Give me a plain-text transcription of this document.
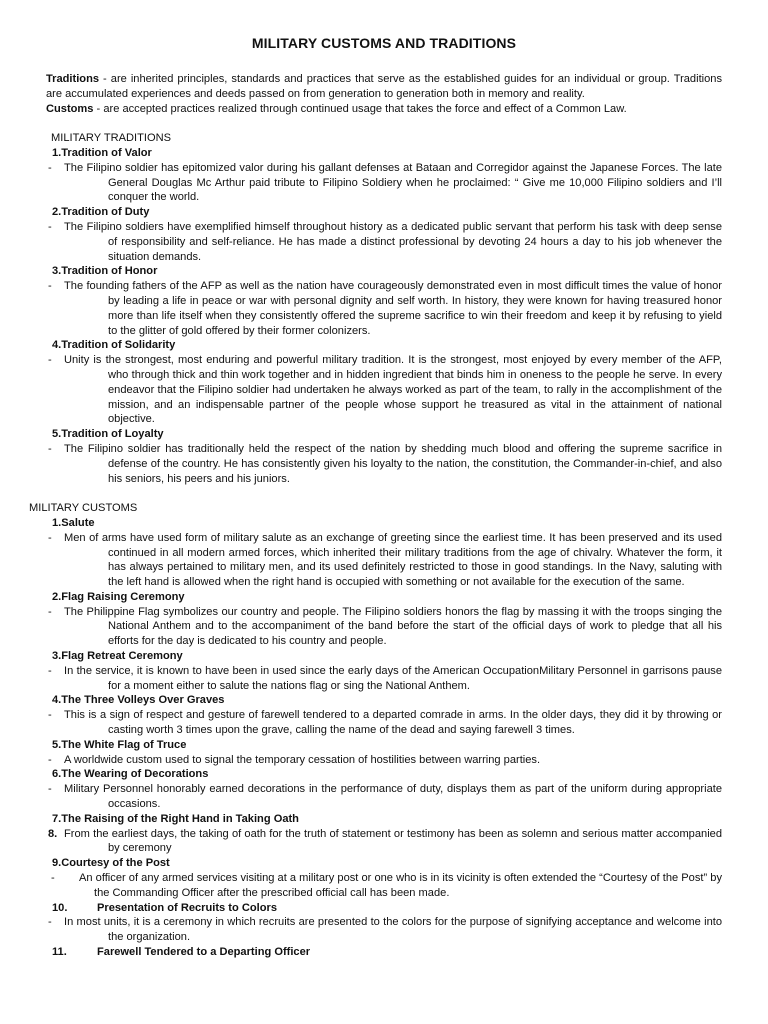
MILITARY CUSTOMS AND TRADITIONS

Traditions - are inherited principles, standards and practices that serve as the established guides for an individual or group. Traditions are accumulated experiences and deeds passed on from generation to generation both in memory and reality.

Customs - are accepted practices realized through continued usage that takes the force and effect of a Common Law.

MILITARY TRADITIONS

1.Tradition of Valor

- The Filipino soldier has epitomized valor during his gallant defenses at Bataan and Corregidor against the Japanese Forces. The late General Douglas Mc Arthur paid tribute to Filipino Soldiery when he proclaimed: “ Give me 10,000 Filipino soldiers and I’ll conquer the world.

2.Tradition of Duty

- The Filipino soldiers have exemplified himself throughout history as a dedicated public servant that perform his task with deep sense of responsibility and self-reliance. He has made a distinct professional by devoting 24 hours a day to his job whenever the situation demands.

3.Tradition of Honor

- The founding fathers of the AFP as well as the nation have courageously demonstrated even in most difficult times the value of honor by leading a life in peace or war with personal dignity and self worth. In history, they were known for having treasured honor more than life itself when they consistently offered the supreme sacrifice to win their freedom and keep it by refusing to yield to the glitter of gold offered by their former colonizers.

4.Tradition of Solidarity

- Unity is the strongest, most enduring and powerful military tradition. It is the strongest, most enjoyed by every member of the AFP, who through thick and thin work together and in hidden ingredient that binds him in oneness to the people he serve. In every endeavor that the Filipino soldier had undertaken he always worked as part of the team, to rally in the accomplishment of the mission, and an indispensable partner of the people whose support he treasured as vital in the attainment of national objective.

5.Tradition of Loyalty

- The Filipino soldier has traditionally held the respect of the nation by shedding much blood and offering the supreme sacrifice in defense of the country. He has consistently given his loyalty to the nation, the constitution, the Commander-in-chief, and also his seniors, his peers and his juniors.

MILITARY CUSTOMS

1.Salute

- Men of arms have used form of military salute as an exchange of greeting since the earliest time. It has been preserved and its used continued in all modern armed forces, which inherited their military traditions from the age of chivalry. Whatever the form, it has always pertained to military men, and its used definitely restricted to those in good standings. In the Navy, saluting with the left hand is allowed when the right hand is occupied with something or not available for the execution of the same.

2.Flag Raising Ceremony

- The Philippine Flag symbolizes our country and people. The Filipino soldiers honors the flag by massing it with the troops singing the National Anthem and to the accompaniment of the band before the start of the official days of work to pledge that all his efforts for the day is dedicated to his country and people.

3.Flag Retreat Ceremony

- In the service, it is known to have been in used since the early days of the American OccupationMilitary Personnel in garrisons pause for a moment either to salute the nations flag or sing the National Anthem.

4.The Three Volleys Over Graves

- This is a sign of respect and gesture of farewell tendered to a departed comrade in arms. In the older days, they did it by throwing or casting worth 3 times upon the grave, calling the name of the dead and saying farewell 3 times.

5.The White Flag of Truce

- A worldwide custom used to signal the temporary cessation of hostilities between warring parties.

6.The Wearing of Decorations

- Military Personnel honorably earned decorations in the performance of duty, displays them as part of the uniform during appropriate occasions.

7.The Raising of the Right Hand in Taking Oath

8. From the earliest days, the taking of oath for the truth of statement or testimony has been as solemn and serious matter accompanied by ceremony

9.Courtesy of the Post

- An officer of any armed services visiting at a military post or one who is in its vicinity is often extended the “Courtesy of the Post” by the Commanding Officer after the prescribed official call has been made.

10.	Presentation of Recruits to Colors

- In most units, it is a ceremony in which recruits are presented to the colors for the purpose of signifying acceptance and welcome into the organization.

11.	Farewell Tendered to a Departing Officer
